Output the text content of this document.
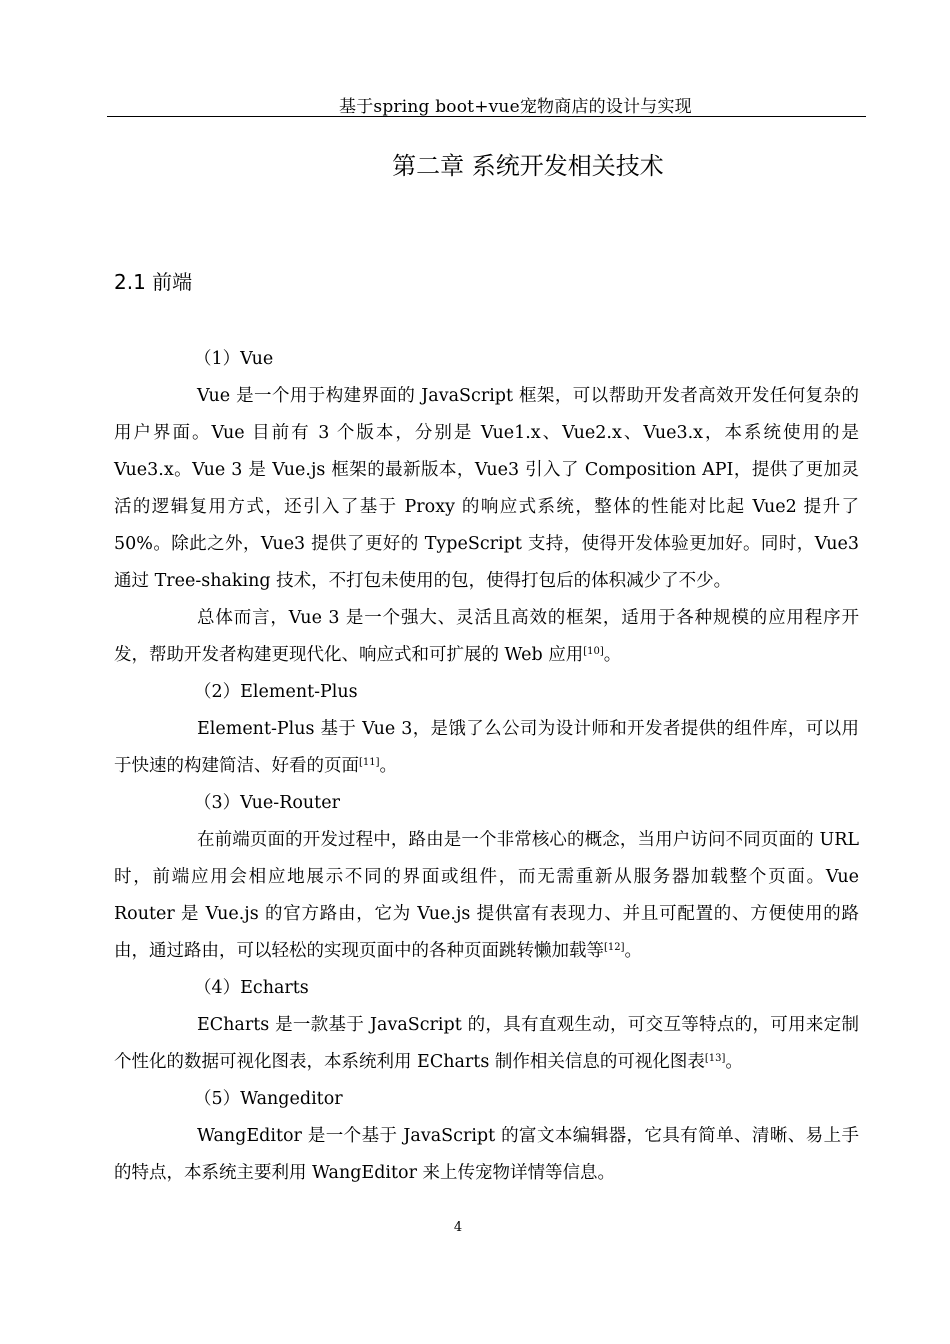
基于spring boot+vue宠物商店的设计与实现
第二章 系统开发相关技术
2.1 前端
（1）Vue
Vue 是一个用于构建界面的 JavaScript 框架，可以帮助开发者高效开发任何复杂的用户界面。Vue 目前有 3 个版本，分别是 Vue1.x、Vue2.x、Vue3.x，本系统使用的是 Vue3.x。Vue 3 是 Vue.js 框架的最新版本，Vue3 引入了 Composition API，提供了更加灵活的逻辑复用方式，还引入了基于 Proxy 的响应式系统，整体的性能对比起 Vue2 提升了 50%。除此之外，Vue3 提供了更好的 TypeScript 支持，使得开发体验更加好。同时，Vue3 通过 Tree-shaking 技术，不打包未使用的包，使得打包后的体积减少了不少。
总体而言，Vue 3 是一个强大、灵活且高效的框架，适用于各种规模的应用程序开发，帮助开发者构建更现代化、响应式和可扩展的 Web 应用[10]。
（2）Element-Plus
Element-Plus 基于 Vue 3，是饿了么公司为设计师和开发者提供的组件库，可以用于快速的构建简洁、好看的页面[11]。
（3）Vue-Router
在前端页面的开发过程中，路由是一个非常核心的概念，当用户访问不同页面的 URL 时，前端应用会相应地展示不同的界面或组件，而无需重新从服务器加载整个页面。Vue Router 是 Vue.js 的官方路由，它为 Vue.js 提供富有表现力、并且可配置的、方便使用的路由，通过路由，可以轻松的实现页面中的各种页面跳转懒加载等[12]。
（4）Echarts
ECharts 是一款基于 JavaScript 的，具有直观生动，可交互等特点的，可用来定制个性化的数据可视化图表，本系统利用 ECharts 制作相关信息的可视化图表[13]。
（5）Wangeditor
WangEditor 是一个基于 JavaScript 的富文本编辑器，它具有简单、清晰、易上手的特点，本系统主要利用 WangEditor 来上传宠物详情等信息。
4
